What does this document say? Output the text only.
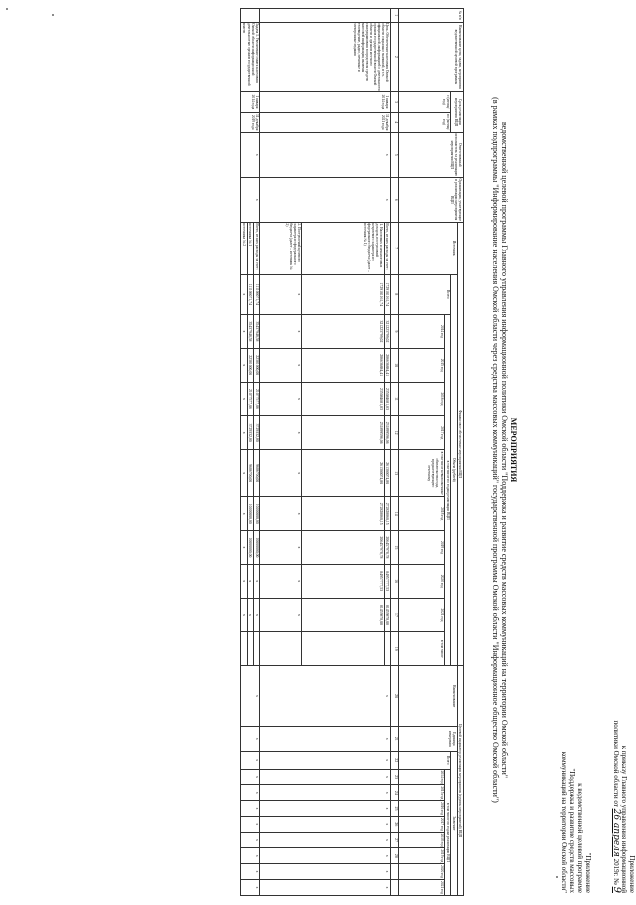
Приложение
к приказу Главного управления информационной
политики Омской области от 26 апреля 2019г. № 9
"Приложение
к ведомственной целевой программе
"Поддержка и развитие средств массовых
коммуникаций на территории Омской области"
МЕРОПРИЯТИЯ
ведомственной целевой программы Главного управления информационной политики Омской области "Поддержка и развитие средств массовых коммуникаций на территории Омской области"
(в рамках подпрограммы "Информирование населения Омской области через средства массовых коммуникаций" государственной программы Омской области "Информационное общество Омской области")
№ п/п	Наименование цели, задачи, мероприятия ведомственной целевой программы	Срок реализации мероприятия ВЦП		Ответственный исполнитель за реализацию мероприятия ВЦП	Организации, участвующие в реализации мероприятия ВЦП	Финансовое обеспечение мероприятия ВЦП												Целевой индикатор реализации мероприятия (группы мероприятий) ВЦП										
						Источник	Объем (рублей)											Наименование	Единица измерения	Значение								
		с (месяц/ год)	по (месяц/ год)				Всего	в том числе по годам реализации ВЦП												Всего	в том числе по годам реализации ВЦП							
								2014 год	2015 год	2016 год	2017 год	в том числе невыполненные обязательства года, предшествующего отчетному	2018 год	2019 год	2020 год	2021 год	в том числе				2014 год	2015 год	2016 год	2017 год	2018 год	2019 год	2020 год	2021 год
1	2	3	4	5	6	7	8	9	10	11	12	13	14	15	16	17	19	20	21	22	23	24	25	26	27	28		
	Цель. Обеспечение населения Омской области социально значимой, в т.ч. официальной, информацией о деятельности органов государственной власти Омской области и органов местного самоуправления посредством средств массовой информации, включая телевидение, радио, печатные и электронные издания	1 января 2014 года	31 декабря 2021 года	x	x	Всего, из них расходы за счет:	1729101161,74	321223799,02	286636884,41	235084681,83	231899596,06	261300074,80	272828860,15	206457978,78	84957777,53	81459878,08		x	x	x	x	x	x	x	x	x	x	x
						1. Налоговых и неналоговых доходов, поступлений нецелевого характера из федерального бюджета (далее – источник № 1)	1729101161,74	321223799,02	286636884,41	235084681,83	231899596,06	261300074,80	272828860,15	206457978,78	84957777,53	81459878,08												
						2. Поступлений целевого характера из федерального бюджета (далее – источник № 2)	x	x	x	x	x	x	x	x	x	x												
	Задача 1. Увеличение охвата населения Омской области информационной деятельностью органов государственной власти	1 января 2014 года	31 декабря 2019 года	x	x	Всего, из них расходы за счет:	111106071,74	35437948,58	22381000,00	21077577,06	3729332,80	9686700,00	10100000,00	10000000,00	x	x		x	x	x	x	x	x	x	x	x	x	x
						источника № 1	111106071,74	35437948,58	22381000,00	21077577,06	3729332,80	9686700,00	10100000,00	10000000,00	x	x												
						источника № 2	x	x	x	x	x	x	x	x	x	x												
